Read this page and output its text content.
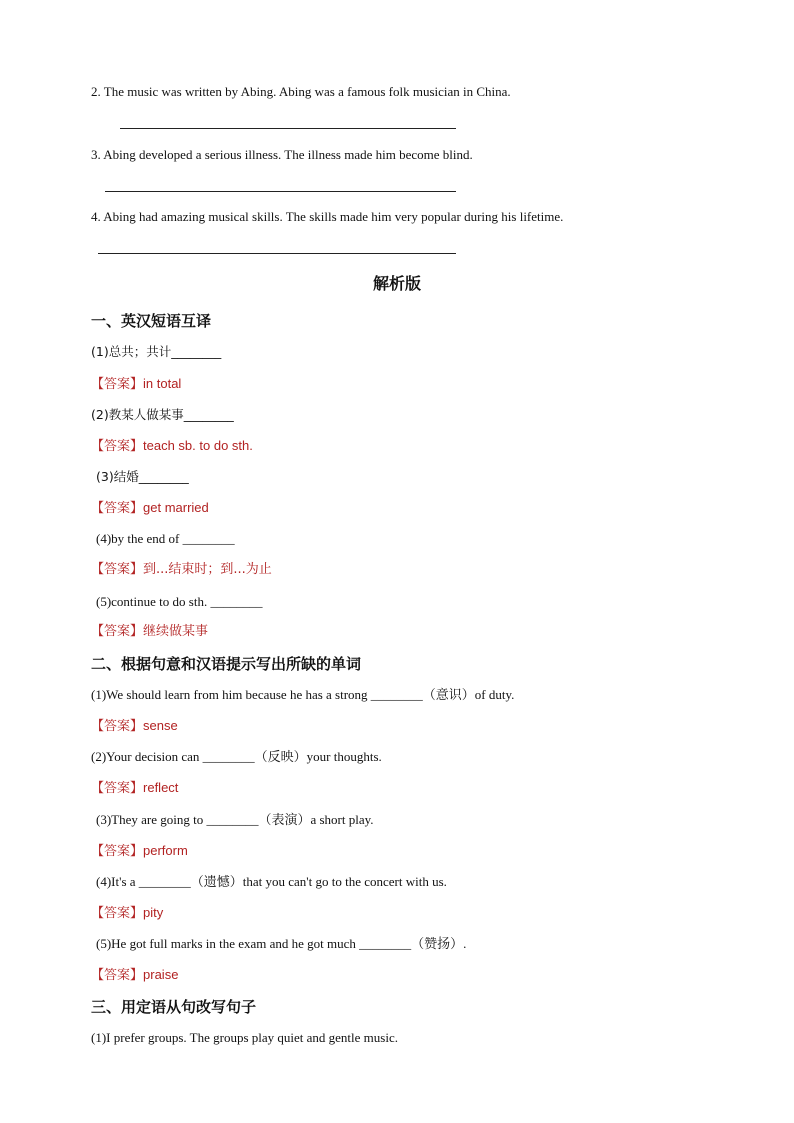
2. The music was written by Abing. Abing was a famous folk musician in China.
3. Abing developed a serious illness. The illness made him become blind.
4. Abing had amazing musical skills. The skills made him very popular during his lifetime.
解析版
一、英汉短语互译
(1)总共；共计________
【答案】in total
(2)教某人做某事________
【答案】teach sb. to do sth.
(3)结婚________
【答案】get married
(4)by the end of ________
【答案】到...结束时；到...为止
(5)continue to do sth. ________
【答案】继续做某事
二、根据句意和汉语提示写出所缺的单词
(1)We should learn from him because he has a strong ________（意识）of duty.
【答案】sense
(2)Your decision can ________（反映）your thoughts.
【答案】reflect
(3)They are going to ________（表演）a short play.
【答案】perform
(4)It's a ________（遗憾）that you can't go to the concert with us.
【答案】pity
(5)He got full marks in the exam and he got much ________（赞扬）.
【答案】praise
三、用定语从句改写句子
(1)I prefer groups. The groups play quiet and gentle music.
